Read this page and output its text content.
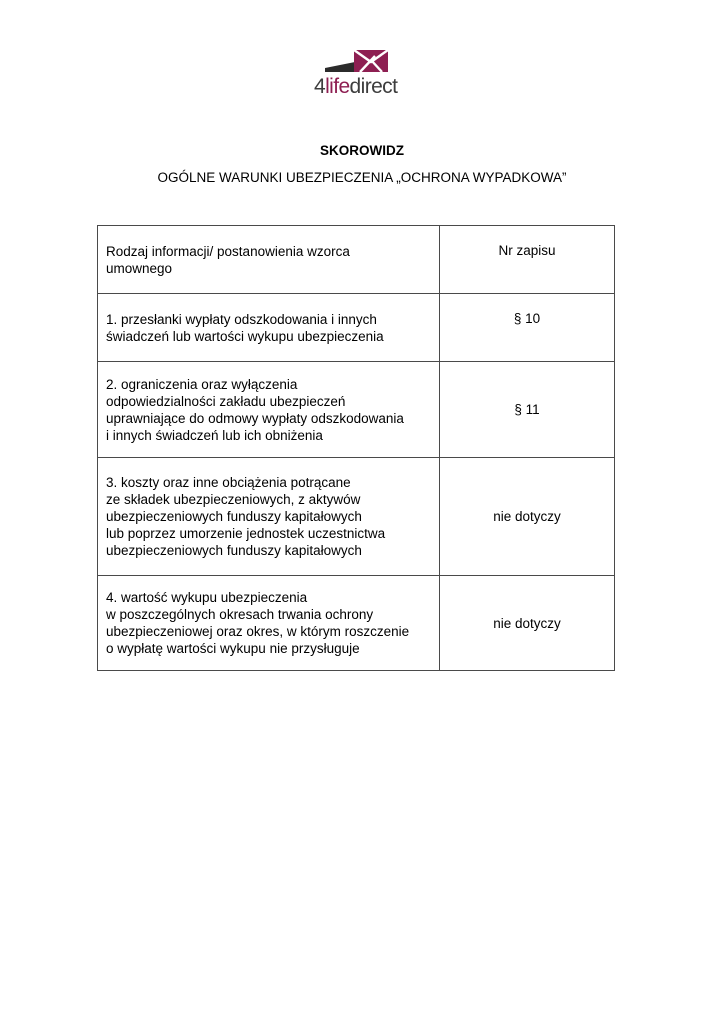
4lifedirect
SKOROWIDZ
OGÓLNE WARUNKI UBEZPIECZENIA „OCHRONA WYPADKOWA”
Rodzaj informacji/ postanowienia wzorca
umownego	Nr zapisu

1. przesłanki wypłaty odszkodowania i innych
świadczeń lub wartości wykupu ubezpieczenia	§ 10

2. ograniczenia oraz wyłączenia
odpowiedzialności zakładu ubezpieczeń
uprawniające do odmowy wypłaty odszkodowania
i innych świadczeń lub ich obniżenia	§ 11

3. koszty oraz inne obciążenia potrącane
ze składek ubezpieczeniowych, z aktywów
ubezpieczeniowych funduszy kapitałowych
lub poprzez umorzenie jednostek uczestnictwa
ubezpieczeniowych funduszy kapitałowych	nie dotyczy

4. wartość wykupu ubezpieczenia
w poszczególnych okresach trwania ochrony
ubezpieczeniowej oraz okres, w którym roszczenie
o wypłatę wartości wykupu nie przysługuje	nie dotyczy
